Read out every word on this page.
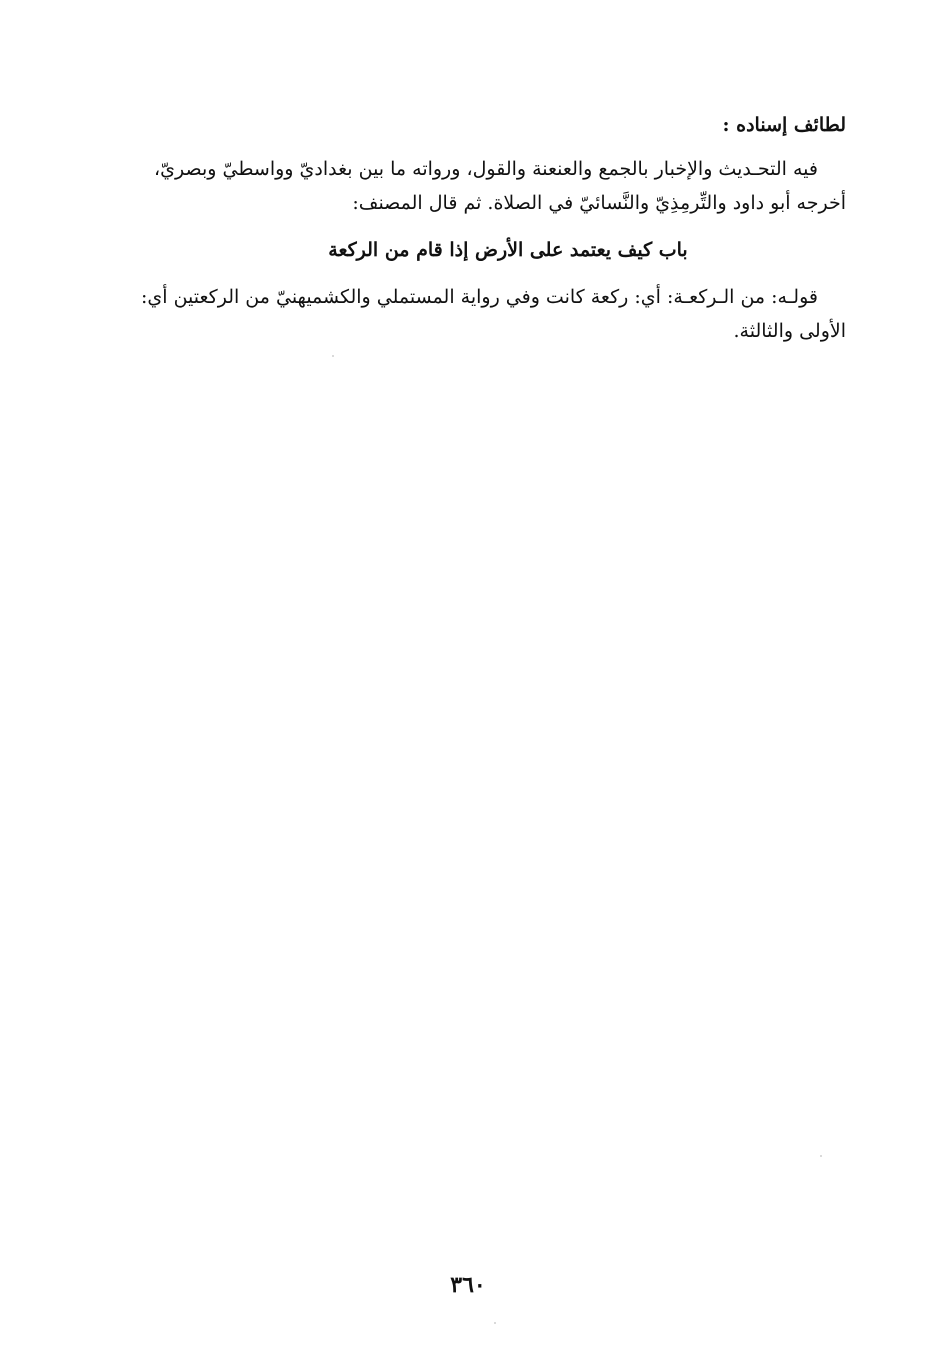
لطائف إسناده :
فيه التحـديث والإخبار بالجمع والعنعنة والقول، ورواته ما بين بغداديّ وواسطيّ وبصريّ،
أخرجه أبو داود والتِّرمِذِيّ والنَّسائيّ في الصلاة. ثم قال المصنف:
باب كيف يعتمد على الأرض إذا قام من الركعة
قولـه: من الـركعـة: أي: ركعة كانت وفي رواية المستملي والكشميهنيّ من الركعتين أي:
الأولى والثالثة.
٣٦٠
